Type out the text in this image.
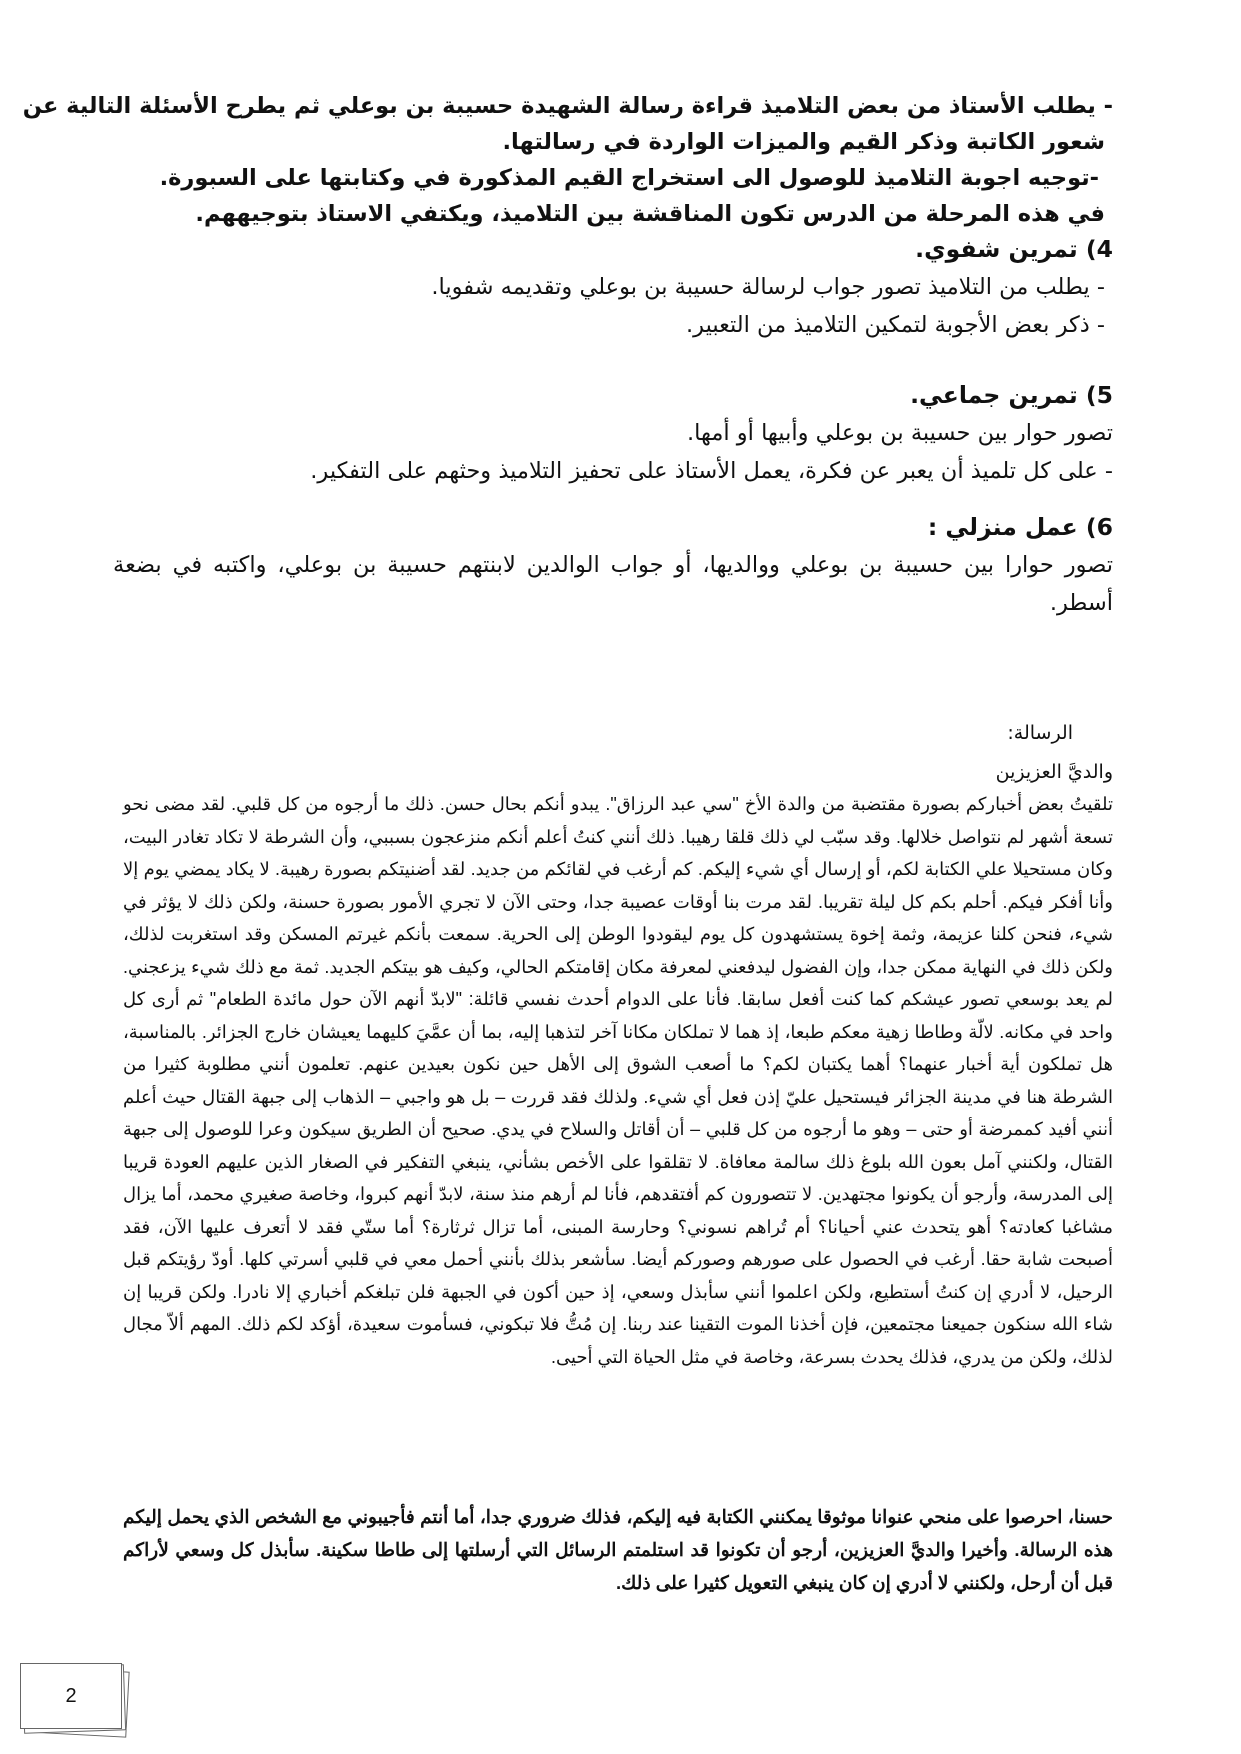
- يطلب الأستاذ من بعض التلاميذ قراءة رسالة الشهيدة حسيبة بن بوعلي ثم يطرح الأسئلة التالية عن

شعور الكاتبة وذكر القيم والميزات الواردة في رسالتها.

-توجيه اجوبة التلاميذ للوصول الى استخراج القيم المذكورة في وكتابتها على السبورة.

في هذه المرحلة من الدرس تكون المناقشة بين التلاميذ، ويكتفي الاستاذ بتوجيههم.

4) تمرين شفوي.

- يطلب من التلاميذ تصور جواب لرسالة حسيبة بن بوعلي وتقديمه شفويا.

- ذكر بعض الأجوبة لتمكين التلاميذ من التعبير.

5) تمرين جماعي.

تصور حوار بين حسيبة بن بوعلي وأبيها أو أمها.

- على كل تلميذ أن يعبر عن فكرة، يعمل الأستاذ على تحفيز التلاميذ وحثهم على التفكير.

6) عمل منزلي :

تصور حوارا بين حسيبة بن بوعلي ووالديها، أو جواب الوالدين لابنتهم حسيبة بن بوعلي، واكتبه في بضعة أسطر.

الرسالة:

والديَّ العزيزين

تلقيتُ بعض أخباركم بصورة مقتضبة من والدة الأخ "سي عبد الرزاق". يبدو أنكم بحال حسن. ذلك ما أرجوه من كل قلبي. لقد مضى نحو تسعة أشهر لم نتواصل خلالها. وقد سبّب لي ذلك قلقا رهيبا. ذلك أنني كنتُ أعلم أنكم منزعجون بسببي، وأن الشرطة لا تكاد تغادر البيت، وكان مستحيلا علي الكتابة لكم، أو إرسال أي شيء إليكم. كم أرغب في لقائكم من جديد. لقد أضنيتكم بصورة رهيبة. لا يكاد يمضي يوم إلا وأنا أفكر فيكم. أحلم بكم كل ليلة تقريبا. لقد مرت بنا أوقات عصيبة جدا، وحتى الآن لا تجري الأمور بصورة حسنة، ولكن ذلك لا يؤثر في شيء، فنحن كلنا عزيمة، وثمة إخوة يستشهدون كل يوم ليقودوا الوطن إلى الحرية. سمعت بأنكم غيرتم المسكن وقد استغربت لذلك، ولكن ذلك في النهاية ممكن جدا، وإن الفضول ليدفعني لمعرفة مكان إقامتكم الحالي، وكيف هو بيتكم الجديد. ثمة مع ذلك شيء يزعجني. لم يعد بوسعي تصور عيشكم كما كنت أفعل سابقا. فأنا على الدوام أحدث نفسي قائلة: "لابدّ أنهم الآن حول مائدة الطعام" ثم أرى كل واحد في مكانه. لالّة وطاطا زهية معكم طبعا، إذ هما لا تملكان مكانا آخر لتذهبا إليه، بما أن عمَّيَ كليهما يعيشان خارج الجزائر. بالمناسبة، هل تملكون أية أخبار عنهما؟ أهما يكتبان لكم؟ ما أصعب الشوق إلى الأهل حين نكون بعيدين عنهم. تعلمون أنني مطلوبة كثيرا من الشرطة هنا في مدينة الجزائر فيستحيل عليّ إذن فعل أي شيء. ولذلك فقد قررت – بل هو واجبي – الذهاب إلى جبهة القتال حيث أعلم أنني أفيد كممرضة أو حتى – وهو ما أرجوه من كل قلبي – أن أقاتل والسلاح في يدي. صحيح أن الطريق سيكون وعرا للوصول إلى جبهة القتال، ولكنني آمل بعون الله بلوغ ذلك سالمة معافاة. لا تقلقوا على الأخص بشأني، ينبغي التفكير في الصغار الذين عليهم العودة قريبا إلى المدرسة، وأرجو أن يكونوا مجتهدين. لا تتصورون كم أفتقدهم، فأنا لم أرهم منذ سنة، لابدّ أنهم كبروا، وخاصة صغيري محمد، أما يزال مشاغبا كعادته؟ أهو يتحدث عني أحيانا؟ أم تُراهم نسوني؟ وحارسة المبنى، أما تزال ثرثارة؟ أما ستّي فقد لا أتعرف عليها الآن، فقد أصبحت شابة حقا. أرغب في الحصول على صورهم وصوركم أيضا. سأشعر بذلك بأنني أحمل معي في قلبي أسرتي كلها. أودّ رؤيتكم قبل الرحيل، لا أدري إن كنتُ أستطيع، ولكن اعلموا أنني سأبذل وسعي، إذ حين أكون في الجبهة فلن تبلغكم أخباري إلا نادرا. ولكن قريبا إن شاء الله سنكون جميعنا مجتمعين، فإن أخذنا الموت التقينا عند ربنا. إن مُتُّ فلا تبكوني، فسأموت سعيدة، أؤكد لكم ذلك. المهم ألاّ مجال لذلك، ولكن من يدري، فذلك يحدث بسرعة، وخاصة في مثل الحياة التي أحيى.

حسنا، احرصوا على منحي عنوانا موثوقا يمكنني الكتابة فيه إليكم، فذلك ضروري جدا، أما أنتم فأجيبوني مع الشخص الذي يحمل إليكم هذه الرسالة. وأخيرا والديَّ العزيزين، أرجو أن تكونوا قد استلمتم الرسائل التي أرسلتها إلى طاطا سكينة. سأبذل كل وسعي لأراكم قبل أن أرحل، ولكنني لا أدري إن كان ينبغي التعويل كثيرا على ذلك.

2
